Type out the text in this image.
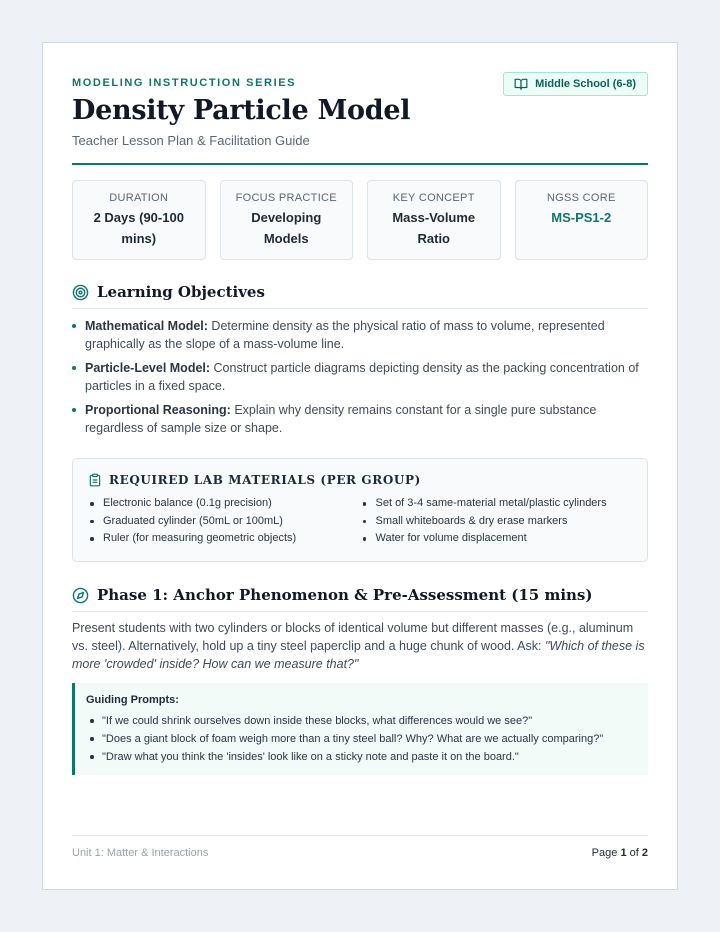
MODELING INSTRUCTION SERIES	Middle School (6-8)
Density Particle Model
Teacher Lesson Plan & Facilitation Guide
DURATION
2 Days (90-100 mins)
FOCUS PRACTICE
Developing Models
KEY CONCEPT
Mass-Volume Ratio
NGSS CORE
MS-PS1-2
Learning Objectives
Mathematical Model: Determine density as the physical ratio of mass to volume, represented graphically as the slope of a mass-volume line.
Particle-Level Model: Construct particle diagrams depicting density as the packing concentration of particles in a fixed space.
Proportional Reasoning: Explain why density remains constant for a single pure substance regardless of sample size or shape.
REQUIRED LAB MATERIALS (PER GROUP)
Electronic balance (0.1g precision)
Graduated cylinder (50mL or 100mL)
Ruler (for measuring geometric objects)
Set of 3-4 same-material metal/plastic cylinders
Small whiteboards & dry erase markers
Water for volume displacement
Phase 1: Anchor Phenomenon & Pre-Assessment (15 mins)

Present students with two cylinders or blocks of identical volume but different masses (e.g., aluminum vs. steel). Alternatively, hold up a tiny steel paperclip and a huge chunk of wood. Ask: "Which of these is more 'crowded' inside? How can we measure that?"

Guiding Prompts:
"If we could shrink ourselves down inside these blocks, what differences would we see?"
"Does a giant block of foam weigh more than a tiny steel ball? Why? What are we actually comparing?"
"Draw what you think the 'insides' look like on a sticky note and paste it on the board."
Unit 1: Matter & Interactions	Page 1 of 2
